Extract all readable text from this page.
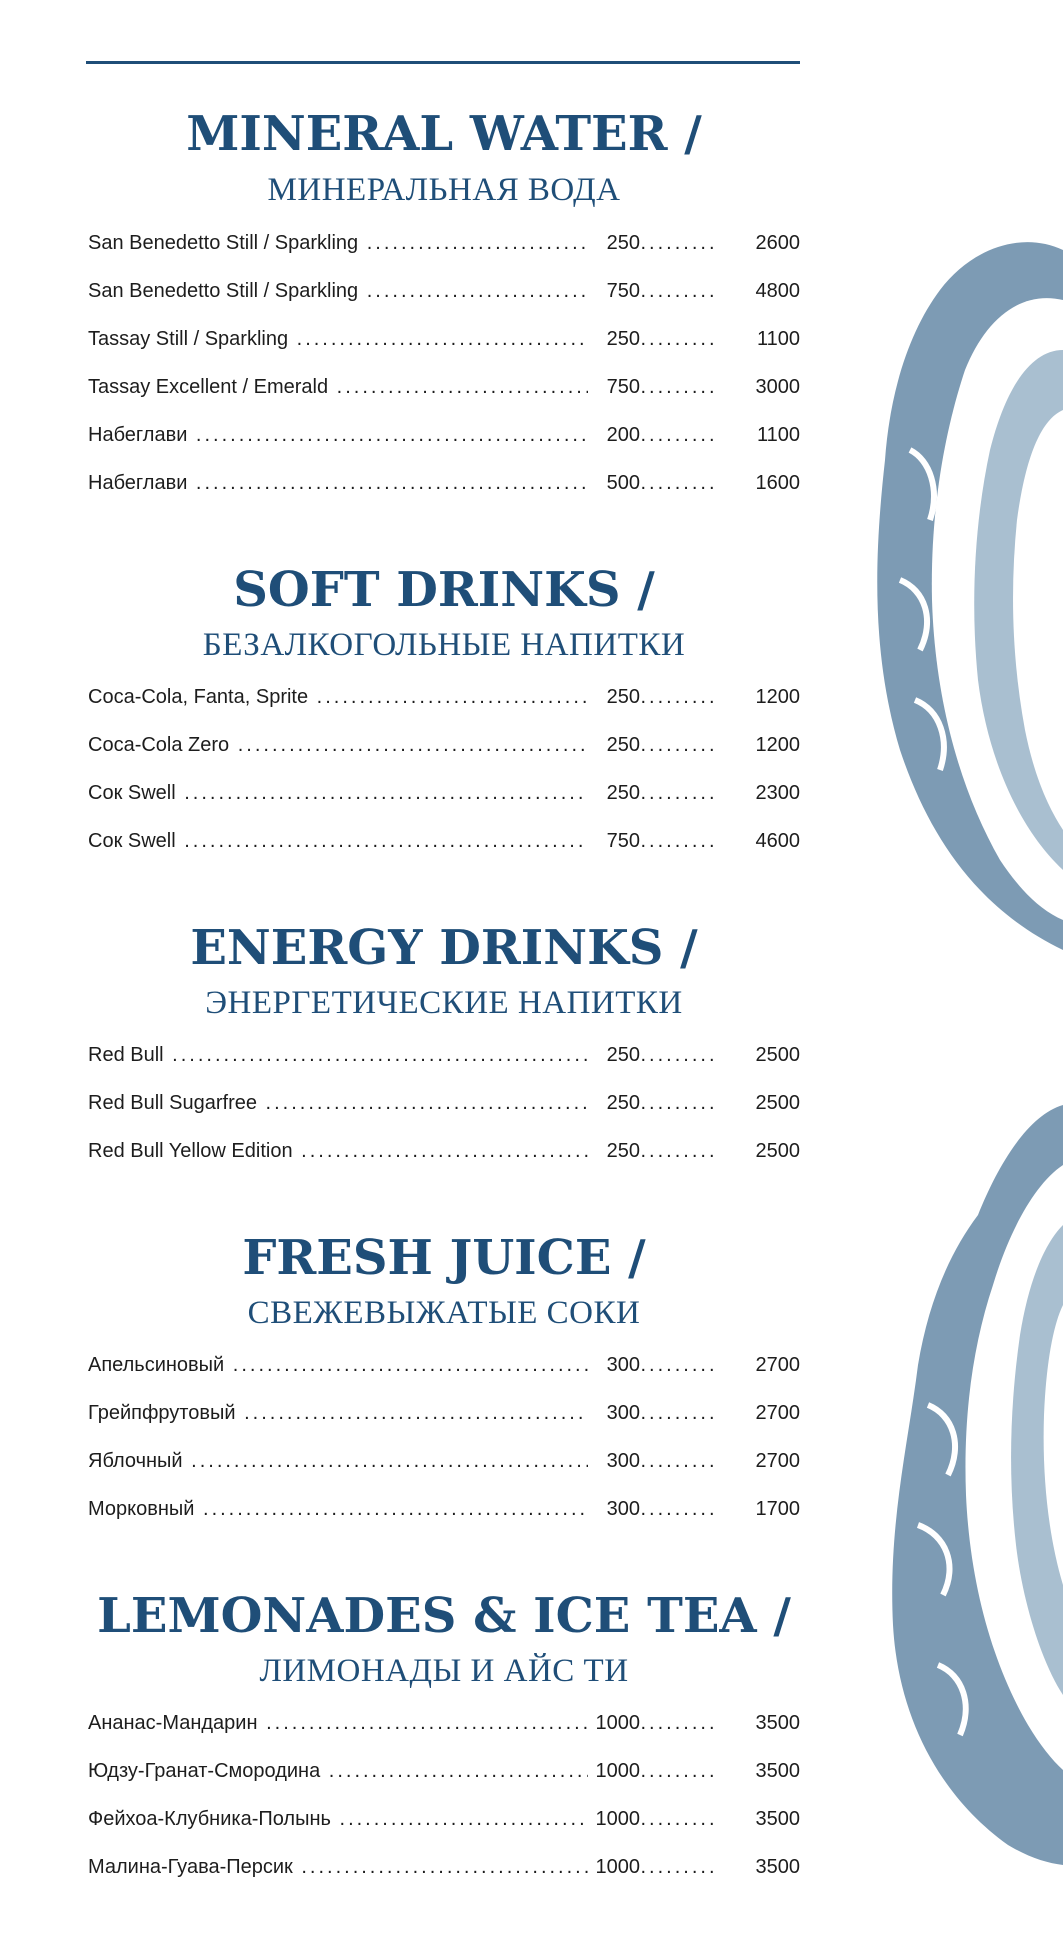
MINERAL WATER /
МИНЕРАЛЬНАЯ ВОДА
San Benedetto Still / Sparkling .....	250 .....	2600
San Benedetto Still / Sparkling .....	750 .....	4800
Tassay Still / Sparkling .....	250 .....	1100
Tassay Excellent / Emerald .....	750 .....	3000
Набеглави .....	200 .....	1100
Набеглави .....	500 .....	1600
SOFT DRINKS /
БЕЗАЛКОГОЛЬНЫЕ НАПИТКИ
Coca-Cola, Fanta, Sprite .....	250 .....	1200
Coca-Cola Zero .....	250 .....	1200
Сок Swell .....	250 .....	2300
Сок Swell .....	750 .....	4600
ENERGY DRINKS /
ЭНЕРГЕТИЧЕСКИЕ НАПИТКИ
Red Bull .....	250 .....	2500
Red Bull Sugarfree .....	250 .....	2500
Red Bull Yellow Edition .....	250 .....	2500
FRESH JUICE /
СВЕЖЕВЫЖАТЫЕ СОКИ
Апельсиновый .....	300 .....	2700
Грейпфрутовый .....	300 .....	2700
Яблочный .....	300 .....	2700
Морковный .....	300 .....	1700
LEMONADES & ICE TEA /
ЛИМОНАДЫ И АЙС ТИ
Ананас-Мандарин .....	1000 .....	3500
Юдзу-Гранат-Смородина .....	1000 .....	3500
Фейхоа-Клубника-Полынь .....	1000 .....	3500
Малина-Гуава-Персик .....	1000 .....	3500
